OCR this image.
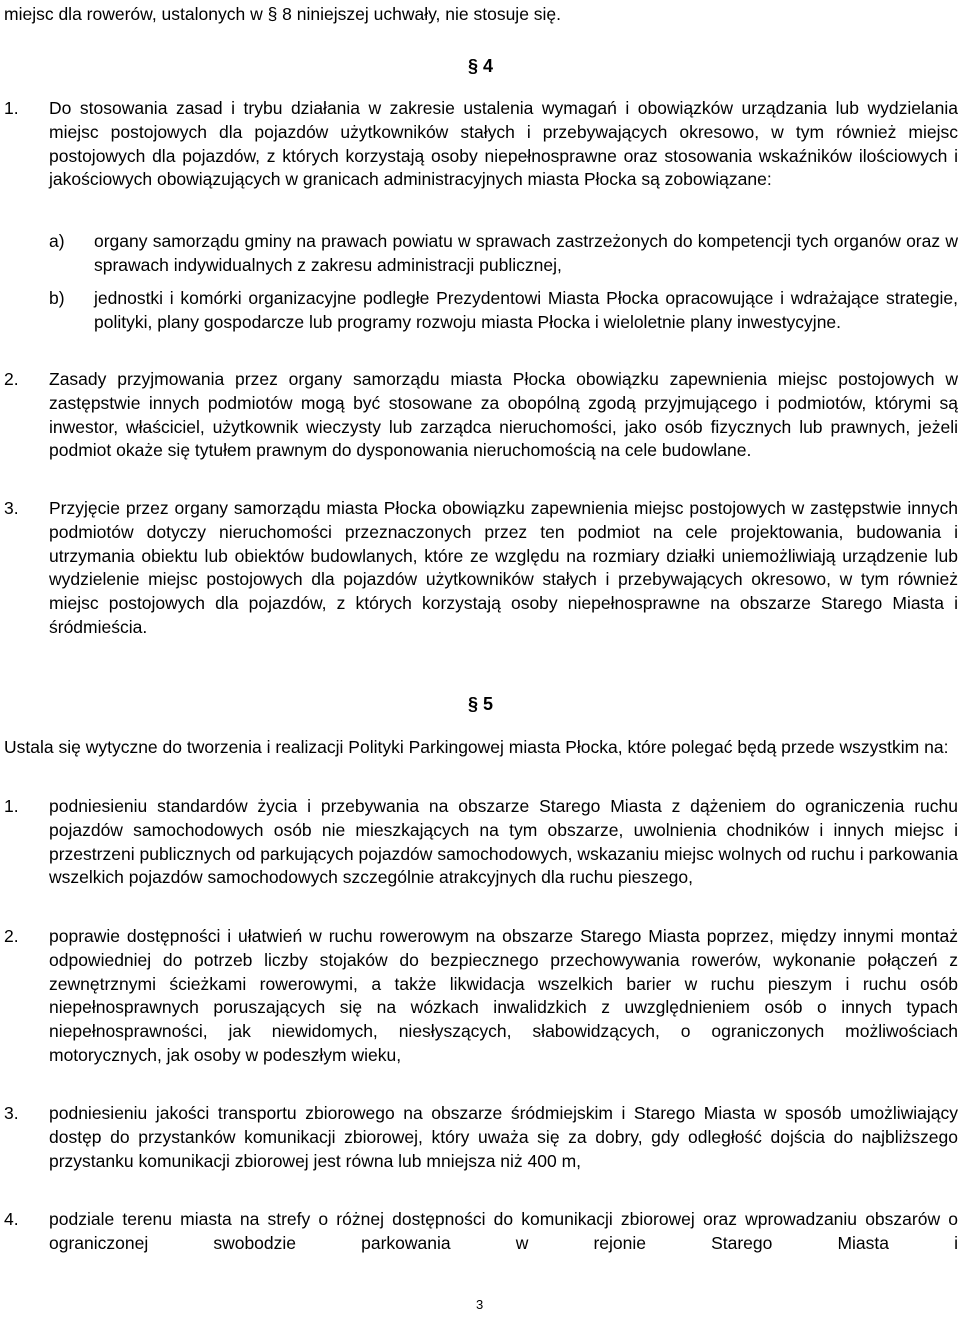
miejsc dla rowerów, ustalonych w § 8 niniejszej uchwały, nie stosuje się.
§ 4
1. Do stosowania zasad i trybu działania w zakresie ustalenia wymagań i obowiązków urządzania lub wydzielania miejsc postojowych dla pojazdów użytkowników stałych i przebywających okresowo, w tym również miejsc postojowych dla pojazdów, z których korzystają osoby niepełnosprawne oraz stosowania wskaźników ilościowych i jakościowych obowiązujących w granicach administracyjnych miasta Płocka są zobowiązane:
a) organy samorządu gminy na prawach powiatu w sprawach zastrzeżonych do kompetencji tych organów oraz w sprawach indywidualnych z zakresu administracji publicznej,
b) jednostki i komórki organizacyjne podległe Prezydentowi Miasta Płocka opracowujące i wdrażające strategie, polityki, plany gospodarcze lub programy rozwoju miasta Płocka i wieloletnie plany inwestycyjne.
2. Zasady przyjmowania przez organy samorządu miasta Płocka obowiązku zapewnienia miejsc postojowych w zastępstwie innych podmiotów mogą być stosowane za obopólną zgodą przyjmującego i podmiotów, którymi są inwestor, właściciel, użytkownik wieczysty lub zarządca nieruchomości, jako osób fizycznych lub prawnych, jeżeli podmiot okaże się tytułem prawnym do dysponowania nieruchomością na cele budowlane.
3. Przyjęcie przez organy samorządu miasta Płocka obowiązku zapewnienia miejsc postojowych w zastępstwie innych podmiotów dotyczy nieruchomości przeznaczonych przez ten podmiot na cele projektowania, budowania i utrzymania obiektu lub obiektów budowlanych, które ze względu na rozmiary działki uniemożliwiają urządzenie lub wydzielenie miejsc postojowych dla pojazdów użytkowników stałych i przebywających okresowo, w tym również miejsc postojowych dla pojazdów, z których korzystają osoby niepełnosprawne na obszarze Starego Miasta i śródmieścia.
§ 5
Ustala się wytyczne do tworzenia i realizacji Polityki Parkingowej miasta Płocka, które polegać będą przede wszystkim na:
1. podniesieniu standardów życia i przebywania na obszarze Starego Miasta z dążeniem do ograniczenia ruchu pojazdów samochodowych osób nie mieszkających na tym obszarze, uwolnienia chodników i innych miejsc i przestrzeni publicznych od parkujących pojazdów samochodowych, wskazaniu miejsc wolnych od ruchu i parkowania wszelkich pojazdów samochodowych szczególnie atrakcyjnych dla ruchu pieszego,
2. poprawie dostępności i ułatwień w ruchu rowerowym na obszarze Starego Miasta poprzez, między innymi montaż odpowiedniej do potrzeb liczby stojaków do bezpiecznego przechowywania rowerów, wykonanie połączeń z zewnętrznymi ścieżkami rowerowymi, a także likwidacja wszelkich barier w ruchu pieszym i ruchu osób niepełnosprawnych poruszających się na wózkach inwalidzkich z uwzględnieniem osób o innych typach niepełnosprawności, jak niewidomych, niesłyszących, słabowidzących, o ograniczonych możliwościach motorycznych, jak osoby w podeszłym wieku,
3. podniesieniu jakości transportu zbiorowego na obszarze śródmiejskim i Starego Miasta w sposób umożliwiający dostęp do przystanków komunikacji zbiorowej, który uważa się za dobry, gdy odległość dojścia do najbliższego przystanku komunikacji zbiorowej jest równa lub mniejsza niż 400 m,
4. podziale terenu miasta na strefy o różnej dostępności do komunikacji zbiorowej oraz wprowadzaniu obszarów o ograniczonej swobodzie parkowania w rejonie Starego Miasta i
3
